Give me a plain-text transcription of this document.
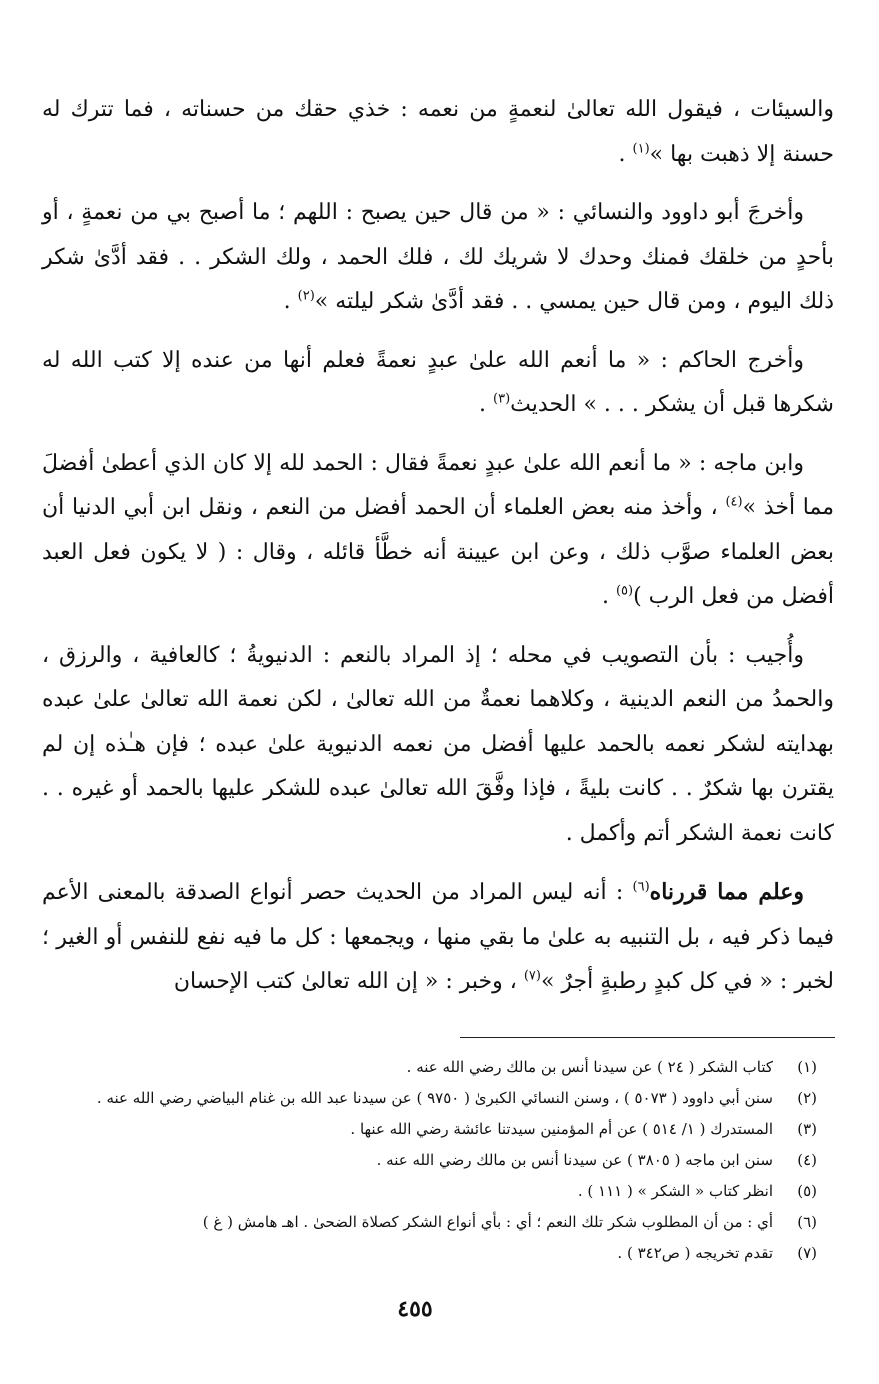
والسيئات ، فيقول الله تعالىٰ لنعمةٍ من نعمه : خذي حقك من حسناته ، فما تترك له حسنة إلا ذهبت بها »$^{(١)}$ .

وأخرجَ أبو داوود والنسائي : « من قال حين يصبح : اللهم ؛ ما أصبح بي من نعمةٍ ، أو بأحدٍ من خلقك فمنك وحدك لا شريك لك ، فلك الحمد ، ولك الشكر . . فقد أدَّىٰ شكر ذلك اليوم ، ومن قال حين يمسي . . فقد أدَّىٰ شكر ليلته »$^{(٢)}$ .

وأخرج الحاكم : « ما أنعم الله علىٰ عبدٍ نعمةً فعلم أنها من عنده إلا كتب الله له شكرها قبل أن يشكر . . . » الحديث$^{(٣)}$ .

وابن ماجه : « ما أنعم الله علىٰ عبدٍ نعمةً فقال : الحمد لله إلا كان الذي أعطىٰ أفضلَ مما أخذ »$^{(٤)}$ ، وأخذ منه بعض العلماء أن الحمد أفضل من النعم ، ونقل ابن أبي الدنيا أن بعض العلماء صوَّب ذلك ، وعن ابن عيينة أنه خطَّأ قائله ، وقال : ( لا يكون فعل العبد أفضل من فعل الرب )$^{(٥)}$ .

وأُجيب : بأن التصويب في محله ؛ إذ المراد بالنعم : الدنيويةُ ؛ كالعافية ، والرزق ، والحمدُ من النعم الدينية ، وكلاهما نعمةٌ من الله تعالىٰ ، لكن نعمة الله تعالىٰ علىٰ عبده بهدايته لشكر نعمه بالحمد عليها أفضل من نعمه الدنيوية علىٰ عبده ؛ فإن هـٰذه إن لم يقترن بها شكرٌ . . كانت بليةً ، فإذا وفَّقَ الله تعالىٰ عبده للشكر عليها بالحمد أو غيره . . كانت نعمة الشكر أتم وأكمل .

وعلم مما قررناه$^{(٦)}$ : أنه ليس المراد من الحديث حصر أنواع الصدقة بالمعنى الأعم فيما ذكر فيه ، بل التنبيه به علىٰ ما بقي منها ، ويجمعها : كل ما فيه نفع للنفس أو الغير ؛ لخبر : « في كل كبدٍ رطبةٍ أجرٌ »$^{(٧)}$ ، وخبر : « إن الله تعالىٰ كتب الإحسان

(١)
كتاب الشكر ( ٢٤ ) عن سيدنا أنس بن مالك رضي الله عنه .
(٢)
سنن أبي داوود ( ٥٠٧٣ ) ، وسنن النسائي الكبرىٰ ( ٩٧٥٠ ) عن سيدنا عبد الله بن غنام البياضي رضي الله عنه .
(٣)
المستدرك ( ١/ ٥١٤ ) عن أم المؤمنين سيدتنا عائشة رضي الله عنها .
(٤)
سنن ابن ماجه ( ٣٨٠٥ ) عن سيدنا أنس بن مالك رضي الله عنه .
(٥)
انظر كتاب « الشكر » ( ١١١ ) .
(٦)
أي : من أن المطلوب شكر تلك النعم ؛ أي : بأي أنواع الشكر كصلاة الضحىٰ . اهـ هامش ( غ )
(٧)
تقدم تخريجه ( ص٣٤٢ ) .
٤٥٥
